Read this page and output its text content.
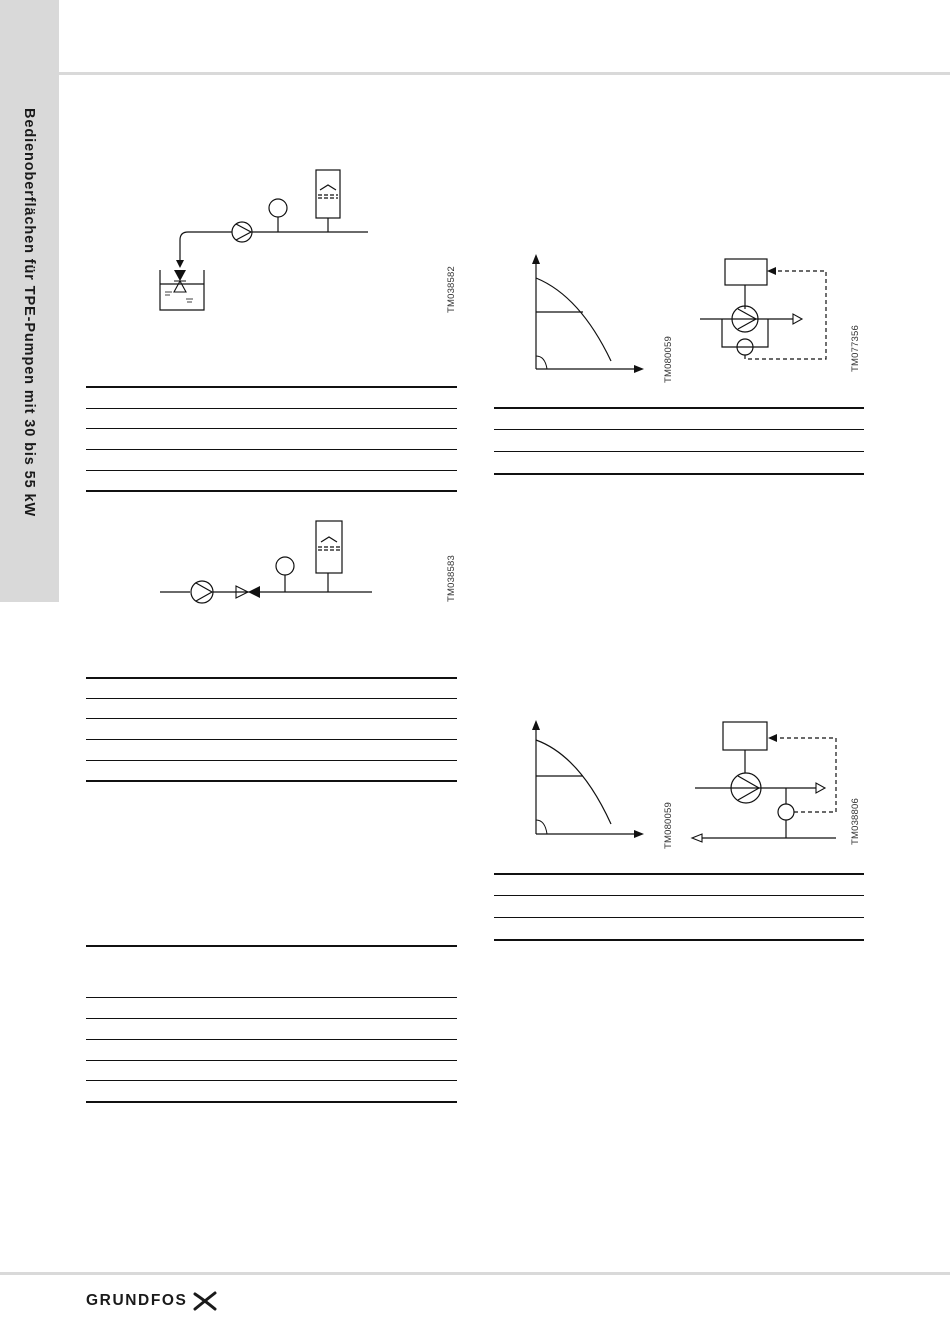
Bedienoberflächen für TPE-Pumpen mit 30 bis 55 kW	TM038582
TM038583
TM080059	TM077356
TM080059	TM038806
GRUNDFOS
